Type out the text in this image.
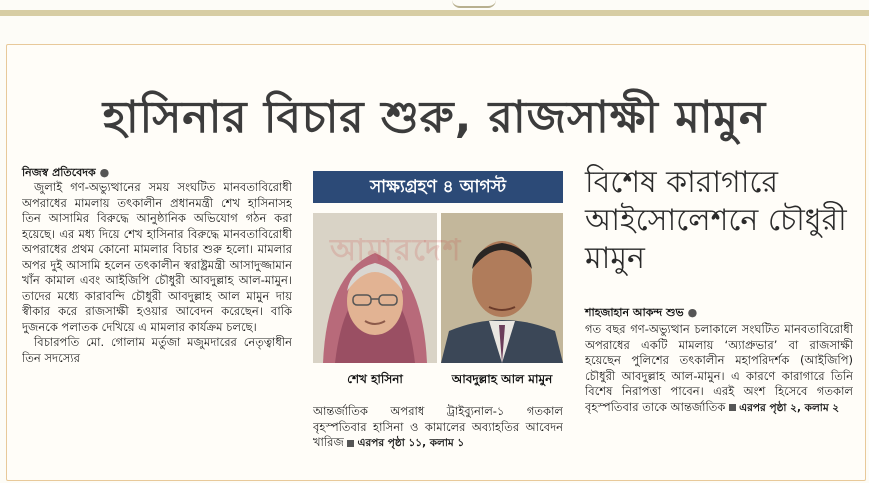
হাসিনার বিচার শুরু, রাজসাক্ষী মামুন
নিজস্ব প্রতিবেদক ●

জুলাই গণ-অভ্যুত্থানের সময় সংঘটিত মানবতাবিরোধী অপরাধের মামলায় তৎকালীন প্রধানমন্ত্রী শেখ হাসিনাসহ তিন আসামির বিরুদ্ধে আনুষ্ঠানিক অভিযোগ গঠন করা হয়েছে। এর মধ্য দিয়ে শেখ হাসিনার বিরুদ্ধে মানবতাবিরোধী অপরাধের প্রথম কোনো মামলার বিচার শুরু হলো। মামলার অপর দুই আসামি হলেন তৎকালীন স্বরাষ্ট্রমন্ত্রী আসাদুজ্জামান খাঁন কামাল এবং আইজিপি চৌধুরী আবদুল্লাহ আল-মামুন। তাদের মধ্যে কারাবন্দি চৌধুরী আবদুল্লাহ আল মামুন দায় স্বীকার করে রাজসাক্ষী হওয়ার আবেদন করেছেন। বাকি দুজনকে পলাতক দেখিয়ে এ মামলার কার্যক্রম চলছে।

বিচারপতি মো. গোলাম মর্তুজা মজুমদারের নেতৃত্বাধীন তিন সদস্যের

সাক্ষ্যগ্রহণ ৪ আগস্ট
আমারদেশ
শেখ হাসিনা	আবদুল্লাহ আল মামুন
আন্তর্জাতিক অপরাধ ট্রাইব্যুনাল-১ গতকাল বৃহস্পতিবার হাসিনা ও কামালের অব্যাহতির আবেদন খারিজ এরপর পৃষ্ঠা ১১, কলাম ১
বিশেষ কারাগারে আইসোলেশনে চৌধুরী মামুন
শাহজাহান আকন্দ শুভ ●
গত বছর গণ-অভ্যুত্থান চলাকালে সংঘটিত মানবতাবিরোধী অপরাধের একটি মামলায় ‘অ্যাপ্রুভার’ বা রাজসাক্ষী হয়েছেন পুলিশের তৎকালীন মহাপরিদর্শক (আইজিপি) চৌধুরী আবদুল্লাহ আল-মামুন। এ কারণে কারাগারে তিনি বিশেষ নিরাপত্তা পাবেন। এরই অংশ হিসেবে গতকাল বৃহস্পতিবার তাকে আন্তর্জাতিক এরপর পৃষ্ঠা ২, কলাম ২
